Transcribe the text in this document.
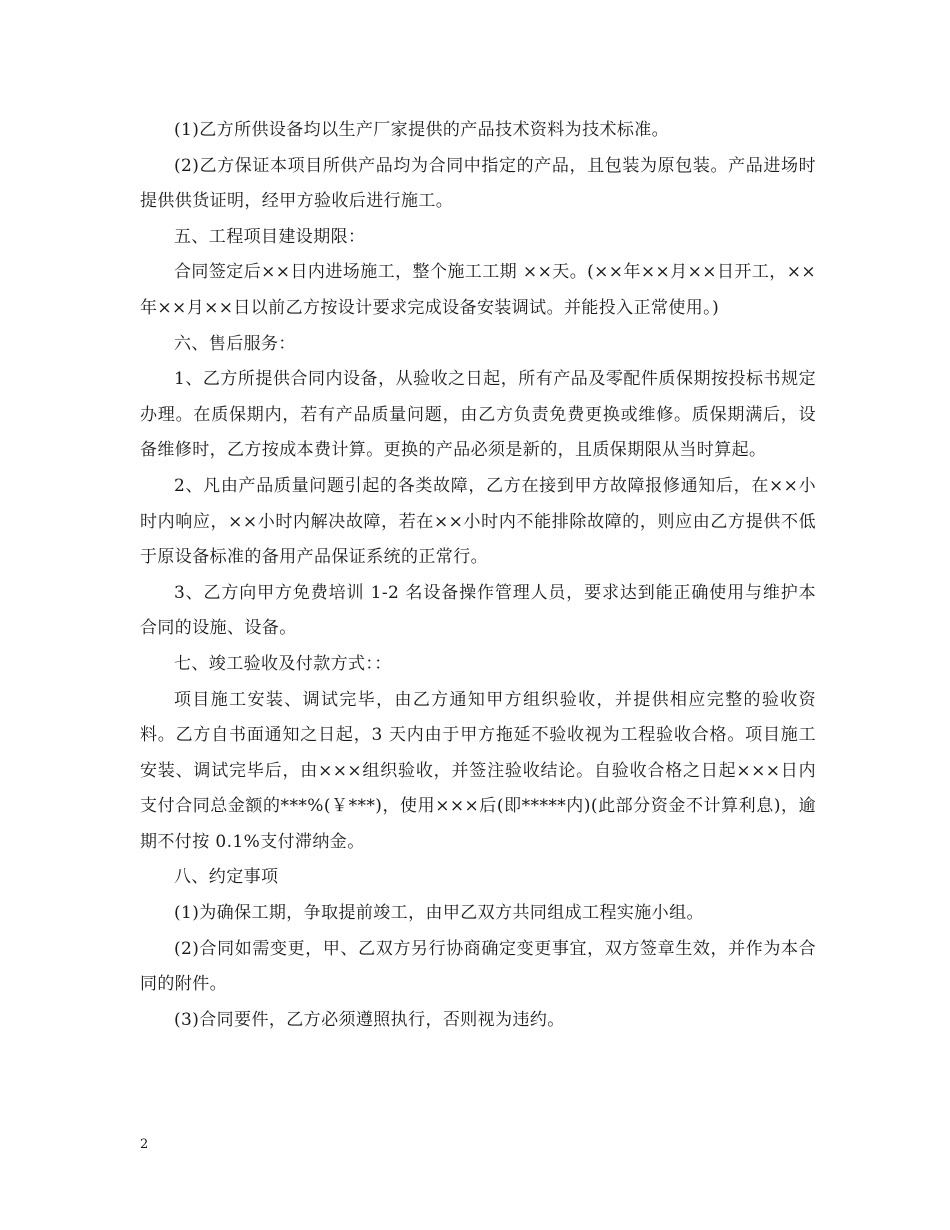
(1)乙方所供设备均以生产厂家提供的产品技术资料为技术标准。

(2)乙方保证本项目所供产品均为合同中指定的产品，且包装为原包装。产品进场时提供供货证明，经甲方验收后进行施工。

五、工程项目建设期限：

合同签定后××日内进场施工，整个施工工期 ××天。(××年××月××日开工，××年××月××日以前乙方按设计要求完成设备安装调试。并能投入正常使用。)

六、售后服务：

1、乙方所提供合同内设备，从验收之日起，所有产品及零配件质保期按投标书规定办理。在质保期内，若有产品质量问题，由乙方负责免费更换或维修。质保期满后，设备维修时，乙方按成本费计算。更换的产品必须是新的，且质保期限从当时算起。

2、凡由产品质量问题引起的各类故障，乙方在接到甲方故障报修通知后，在××小时内响应，××小时内解决故障，若在××小时内不能排除故障的，则应由乙方提供不低于原设备标准的备用产品保证系统的正常行。

3、乙方向甲方免费培训 1-2 名设备操作管理人员，要求达到能正确使用与维护本合同的设施、设备。

七、竣工验收及付款方式：：

项目施工安装、调试完毕，由乙方通知甲方组织验收，并提供相应完整的验收资料。乙方自书面通知之日起，3 天内由于甲方拖延不验收视为工程验收合格。项目施工安装、调试完毕后，由×××组织验收，并签注验收结论。自验收合格之日起×××日内支付合同总金额的***%(￥***)，使用×××后(即*****内)(此部分资金不计算利息)，逾期不付按 0.1%支付滞纳金。

八、约定事项

(1)为确保工期，争取提前竣工，由甲乙双方共同组成工程实施小组。

(2)合同如需变更，甲、乙双方另行协商确定变更事宜，双方签章生效，并作为本合同的附件。

(3)合同要件，乙方必须遵照执行，否则视为违约。

2
